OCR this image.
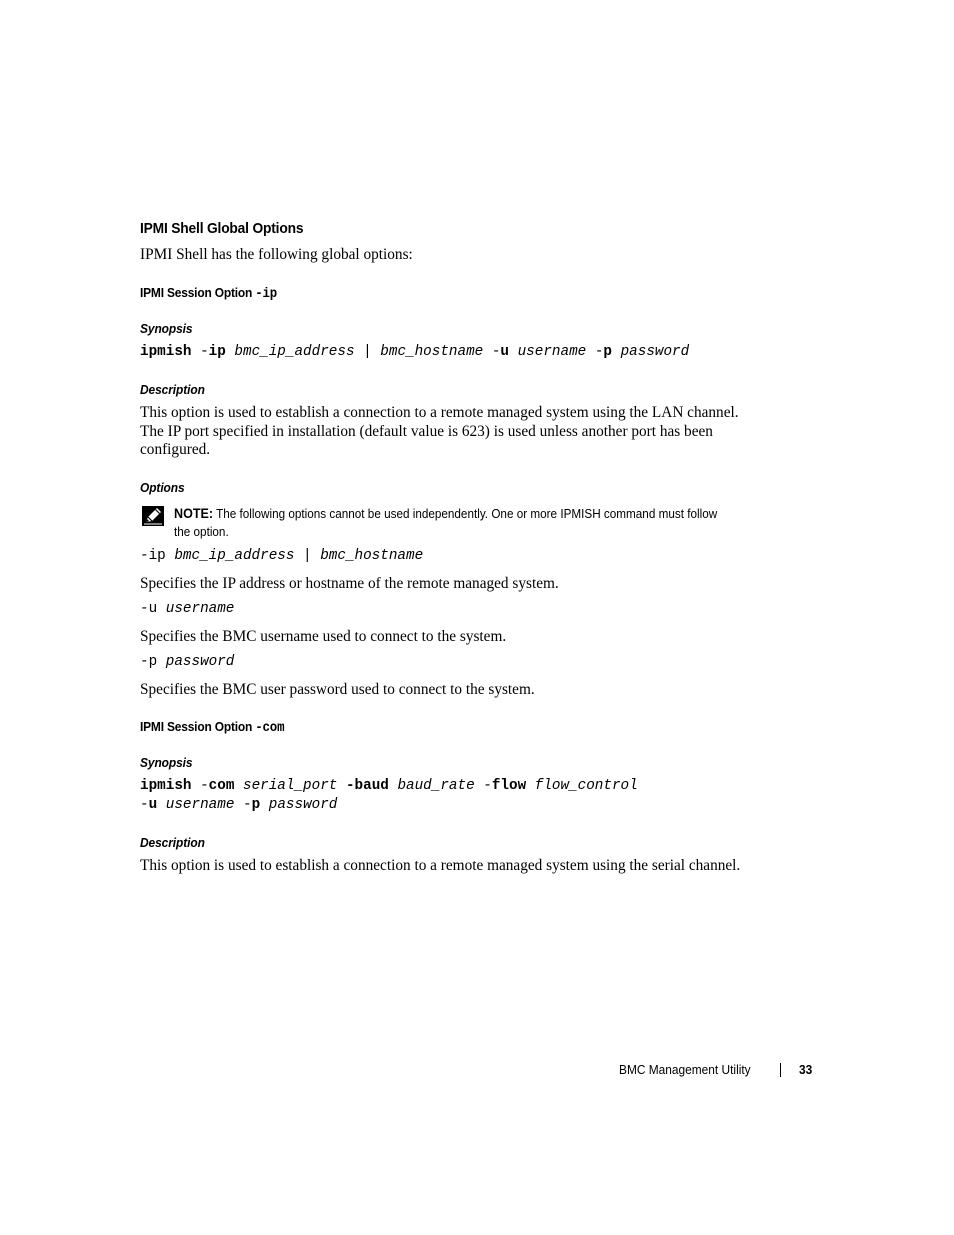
IPMI Shell Global Options
IPMI Shell has the following global options:
IPMI Session Option -ip
Synopsis
ipmish -ip bmc_ip_address | bmc_hostname -u username -p password
Description
This option is used to establish a connection to a remote managed system using the LAN channel.
The IP port specified in installation (default value is 623) is used unless another port has been
configured.
Options
NOTE: The following options cannot be used independently. One or more IPMISH command must follow
the option.
-ip bmc_ip_address | bmc_hostname
Specifies the IP address or hostname of the remote managed system.
-u username
Specifies the BMC username used to connect to the system.
-p password
Specifies the BMC user password used to connect to the system.
IPMI Session Option -com
Synopsis
ipmish -com serial_port -baud baud_rate -flow flow_control
-u username -p password
Description
This option is used to establish a connection to a remote managed system using the serial channel.
BMC Management Utility	33
